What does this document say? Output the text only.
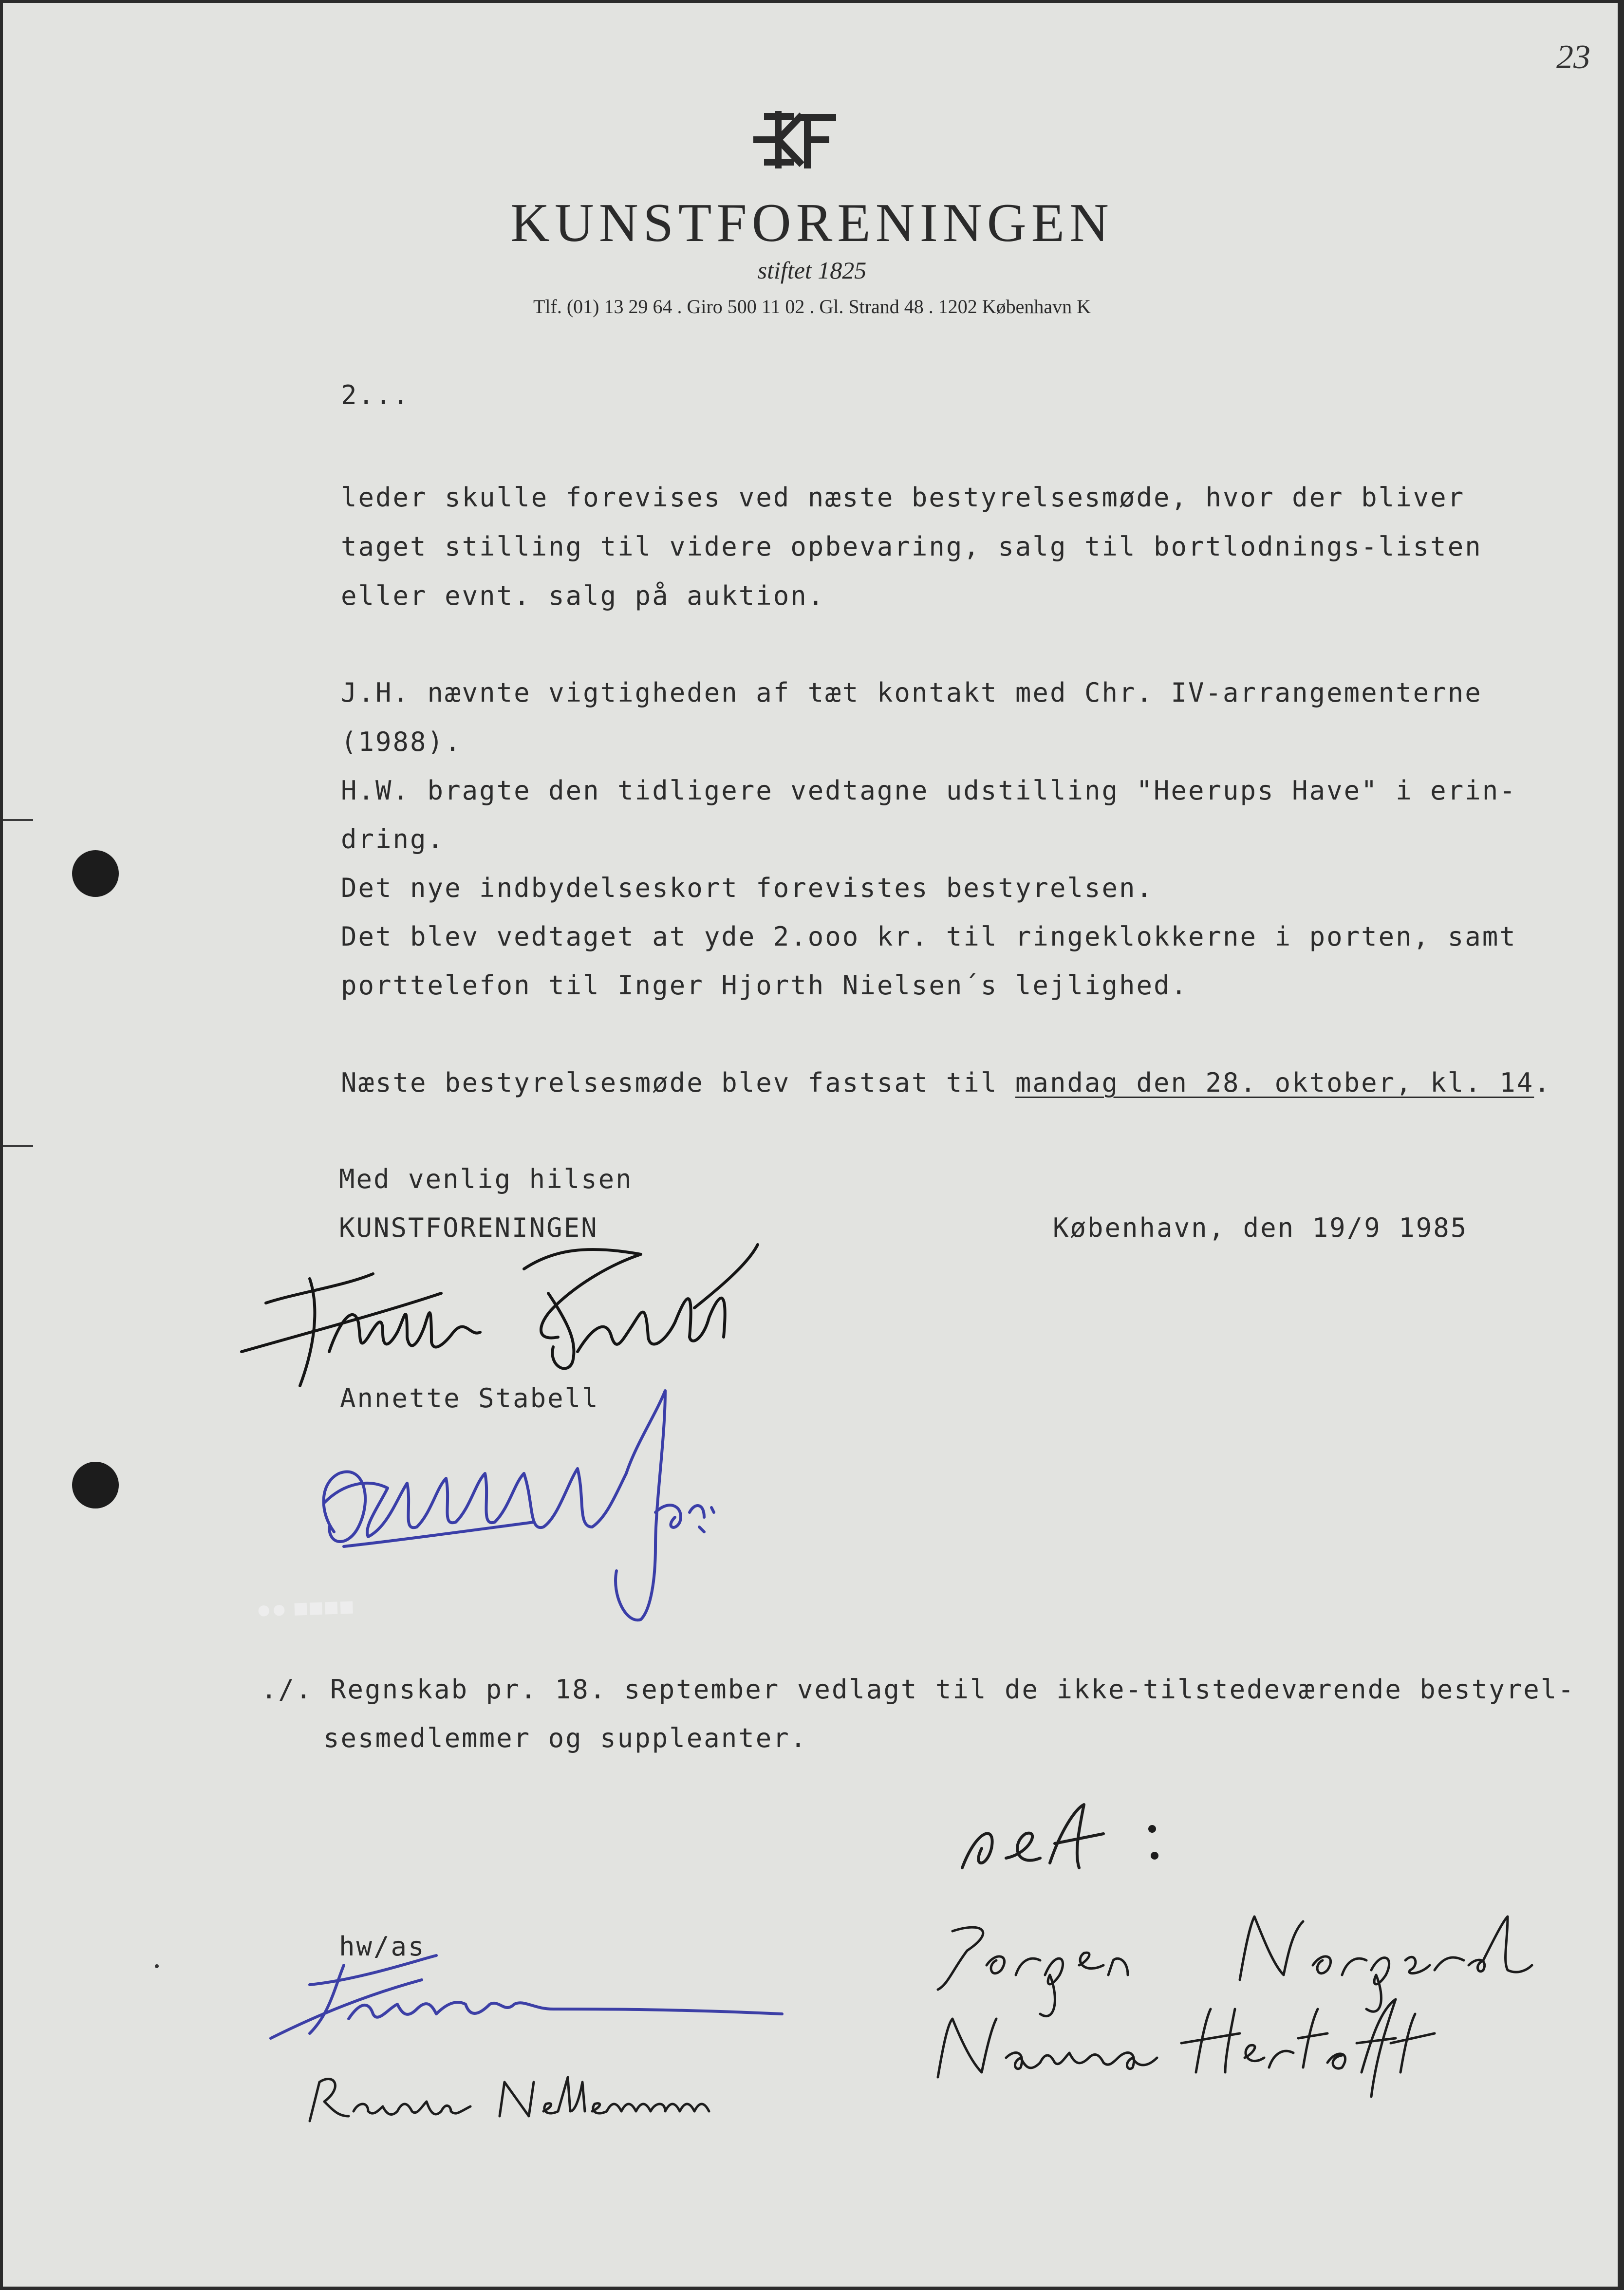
23
KUNSTFORENINGEN
stiftet 1825
Tlf. (01) 13 29 64 . Giro 500 11 02 . Gl. Strand 48 . 1202 København K
2...
leder skulle forevises ved næste bestyrelsesmøde, hvor der bliver
taget stilling til videre opbevaring, salg til bortlodnings-listen
eller evnt. salg på auktion.
J.H. nævnte vigtigheden af tæt kontakt med Chr. IV-arrangementerne
(1988).
H.W. bragte den tidligere vedtagne udstilling "Heerups Have" i erin-
dring.
Det nye indbydelseskort forevistes bestyrelsen.
Det blev vedtaget at yde 2.ooo kr. til ringeklokkerne i porten, samt
porttelefon til Inger Hjorth Nielsen´s lejlighed.
Næste bestyrelsesmøde blev fastsat til mandag den 28. oktober, kl. 14.
Med venlig hilsen
KUNSTFORENINGEN	København, den 19/9 1985
Annette Stabell
●● ■■■■
./. Regnskab pr. 18. september vedlagt til de ikke-tilstedeværende bestyrel-
sesmedlemmer og suppleanter.
hw/as
